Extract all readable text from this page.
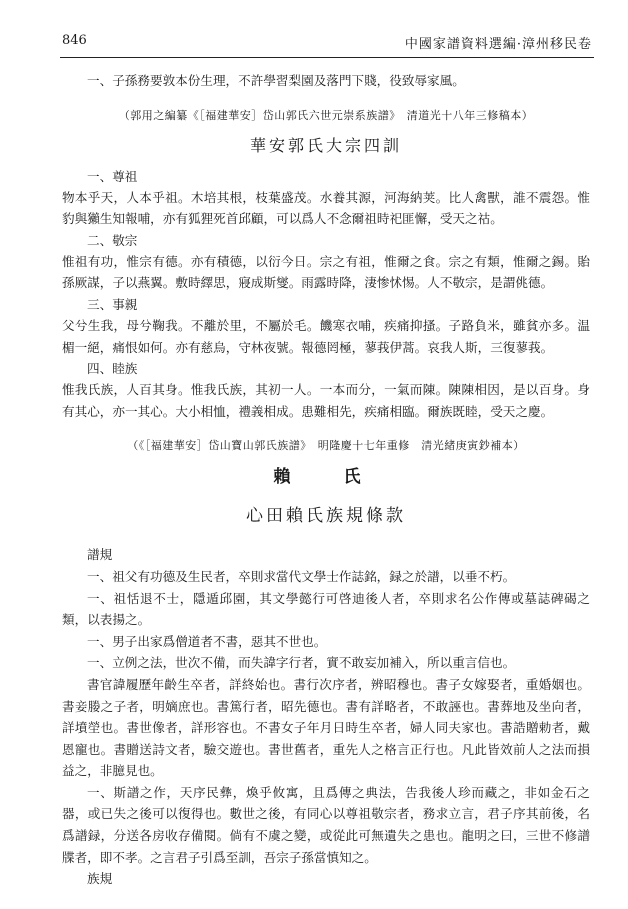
846	中國家譜資料選編·漳州移民卷

一、子孫務要敦本份生理，不許學習梨園及落門下賤，役致辱家風。

（郭用之編纂《［福建華安］岱山郭氏六世元崇系族譜》　清道光十八年三修稿本）
華安郭氏大宗四訓

一、尊祖

物本乎天，人本乎祖。木培其根，枝葉盛茂。水養其源，河海納荚。比人禽獸，誰不震怨。惟豹與獺生知報哺，亦有狐狸死首邱顧，可以爲人不念爾祖時祀匪懈，受天之祜。

二、敬宗

惟祖有功，惟宗有德。亦有積德，以衍今日。宗之有祖，惟爾之食。宗之有類，惟爾之錫。貽孫厥謀，子以燕翼。敷時繹思，寢成斯燮。雨露時降，淒惨怵惕。人不敬宗，是謂佻德。

三、事親

父兮生我，母兮鞠我。不離於里，不屬於毛。饑寒衣哺，疾痛抑搔。子路負米，雖貧亦多。温楣一絕，痛恨如何。亦有慈烏，守林夜號。報德罔極，蓼莪伊蒿。哀我人斯，三復蓼莪。

四、睦族

惟我氏族，人百其身。惟我氏族，其初一人。一本而分，一氣而陳。陳陳相因，是以百身。身有其心，亦一其心。大小相恤，禮義相成。患難相先，疾痛相臨。爾族既睦，受天之慶。

（《［福建華安］岱山寶山郭氏族譜》　明隆慶十七年重修　清光緒庚寅鈔補本）
賴　氏
心田賴氏族規條款

譜規

一、祖父有功德及生民者，卒則求當代文學士作誌銘，録之於譜，以垂不朽。

一、祖恬退不士，隱遁邱園，其文學懿行可啓迪後人者，卒則求名公作傳或墓誌碑碣之類，以表揚之。

一、男子出家爲僧道者不書，惡其不世也。

一、立例之法，世次不備，而失諱字行者，實不敢妄加補入，所以重言信也。

書官諱履歷年齡生卒者，詳終始也。書行次序者，辨昭穆也。書子女嫁娶者，重婚姻也。書妾媵之子者，明嫡庶也。書篤行者，昭先德也。書有詳略者，不敢誣也。書葬地及坐向者，詳墳塋也。書世像者，詳形容也。不書女子年月日時生卒者，婦人同夫家也。書誥贈勅者，戴恩寵也。書贈送詩文者，驗交遊也。書世舊者，重先人之格言正行也。凡此皆效前人之法而損益之，非臆見也。

一、斯譜之作，天序民彝，煥乎攸寓，且爲傳之典法，告我後人珍而藏之，非如金石之器，或已失之後可以復得也。數世之後，有同心以尊祖敬宗者，務求立言，君子序其前後，名爲譜録，分送各房收存備閱。倘有不虞之變，或從此可無遺失之患也。龍明之曰，三世不修譜牒者，即不孝。之言君子引爲至訓，吾宗子孫當慎知之。

族規
